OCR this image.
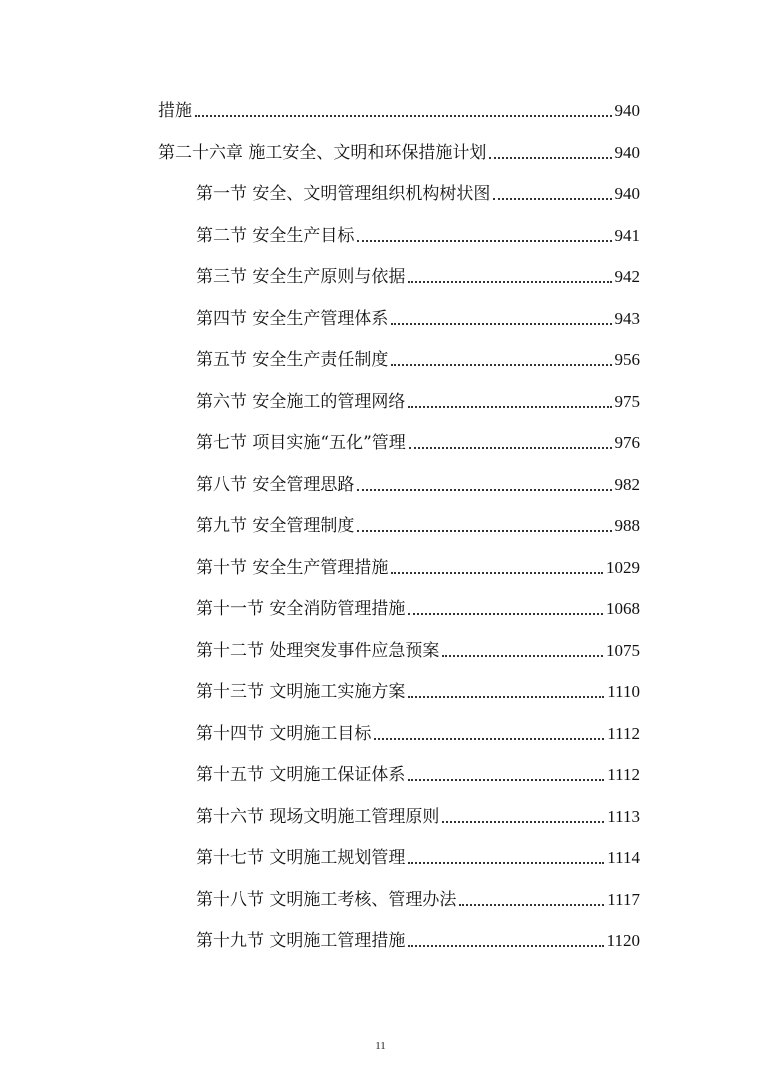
措施	940
第二十六章 施工安全、文明和环保措施计划	940
第一节 安全、文明管理组织机构树状图	940
第二节 安全生产目标	941
第三节 安全生产原则与依据	942
第四节 安全生产管理体系	943
第五节 安全生产责任制度	956
第六节 安全施工的管理网络	975
第七节 项目实施“五化”管理	976
第八节 安全管理思路	982
第九节 安全管理制度	988
第十节 安全生产管理措施	1029
第十一节 安全消防管理措施	1068
第十二节 处理突发事件应急预案	1075
第十三节 文明施工实施方案	1110
第十四节 文明施工目标	1112
第十五节 文明施工保证体系	1112
第十六节 现场文明施工管理原则	1113
第十七节 文明施工规划管理	1114
第十八节 文明施工考核、管理办法	1117
第十九节 文明施工管理措施	1120
11
